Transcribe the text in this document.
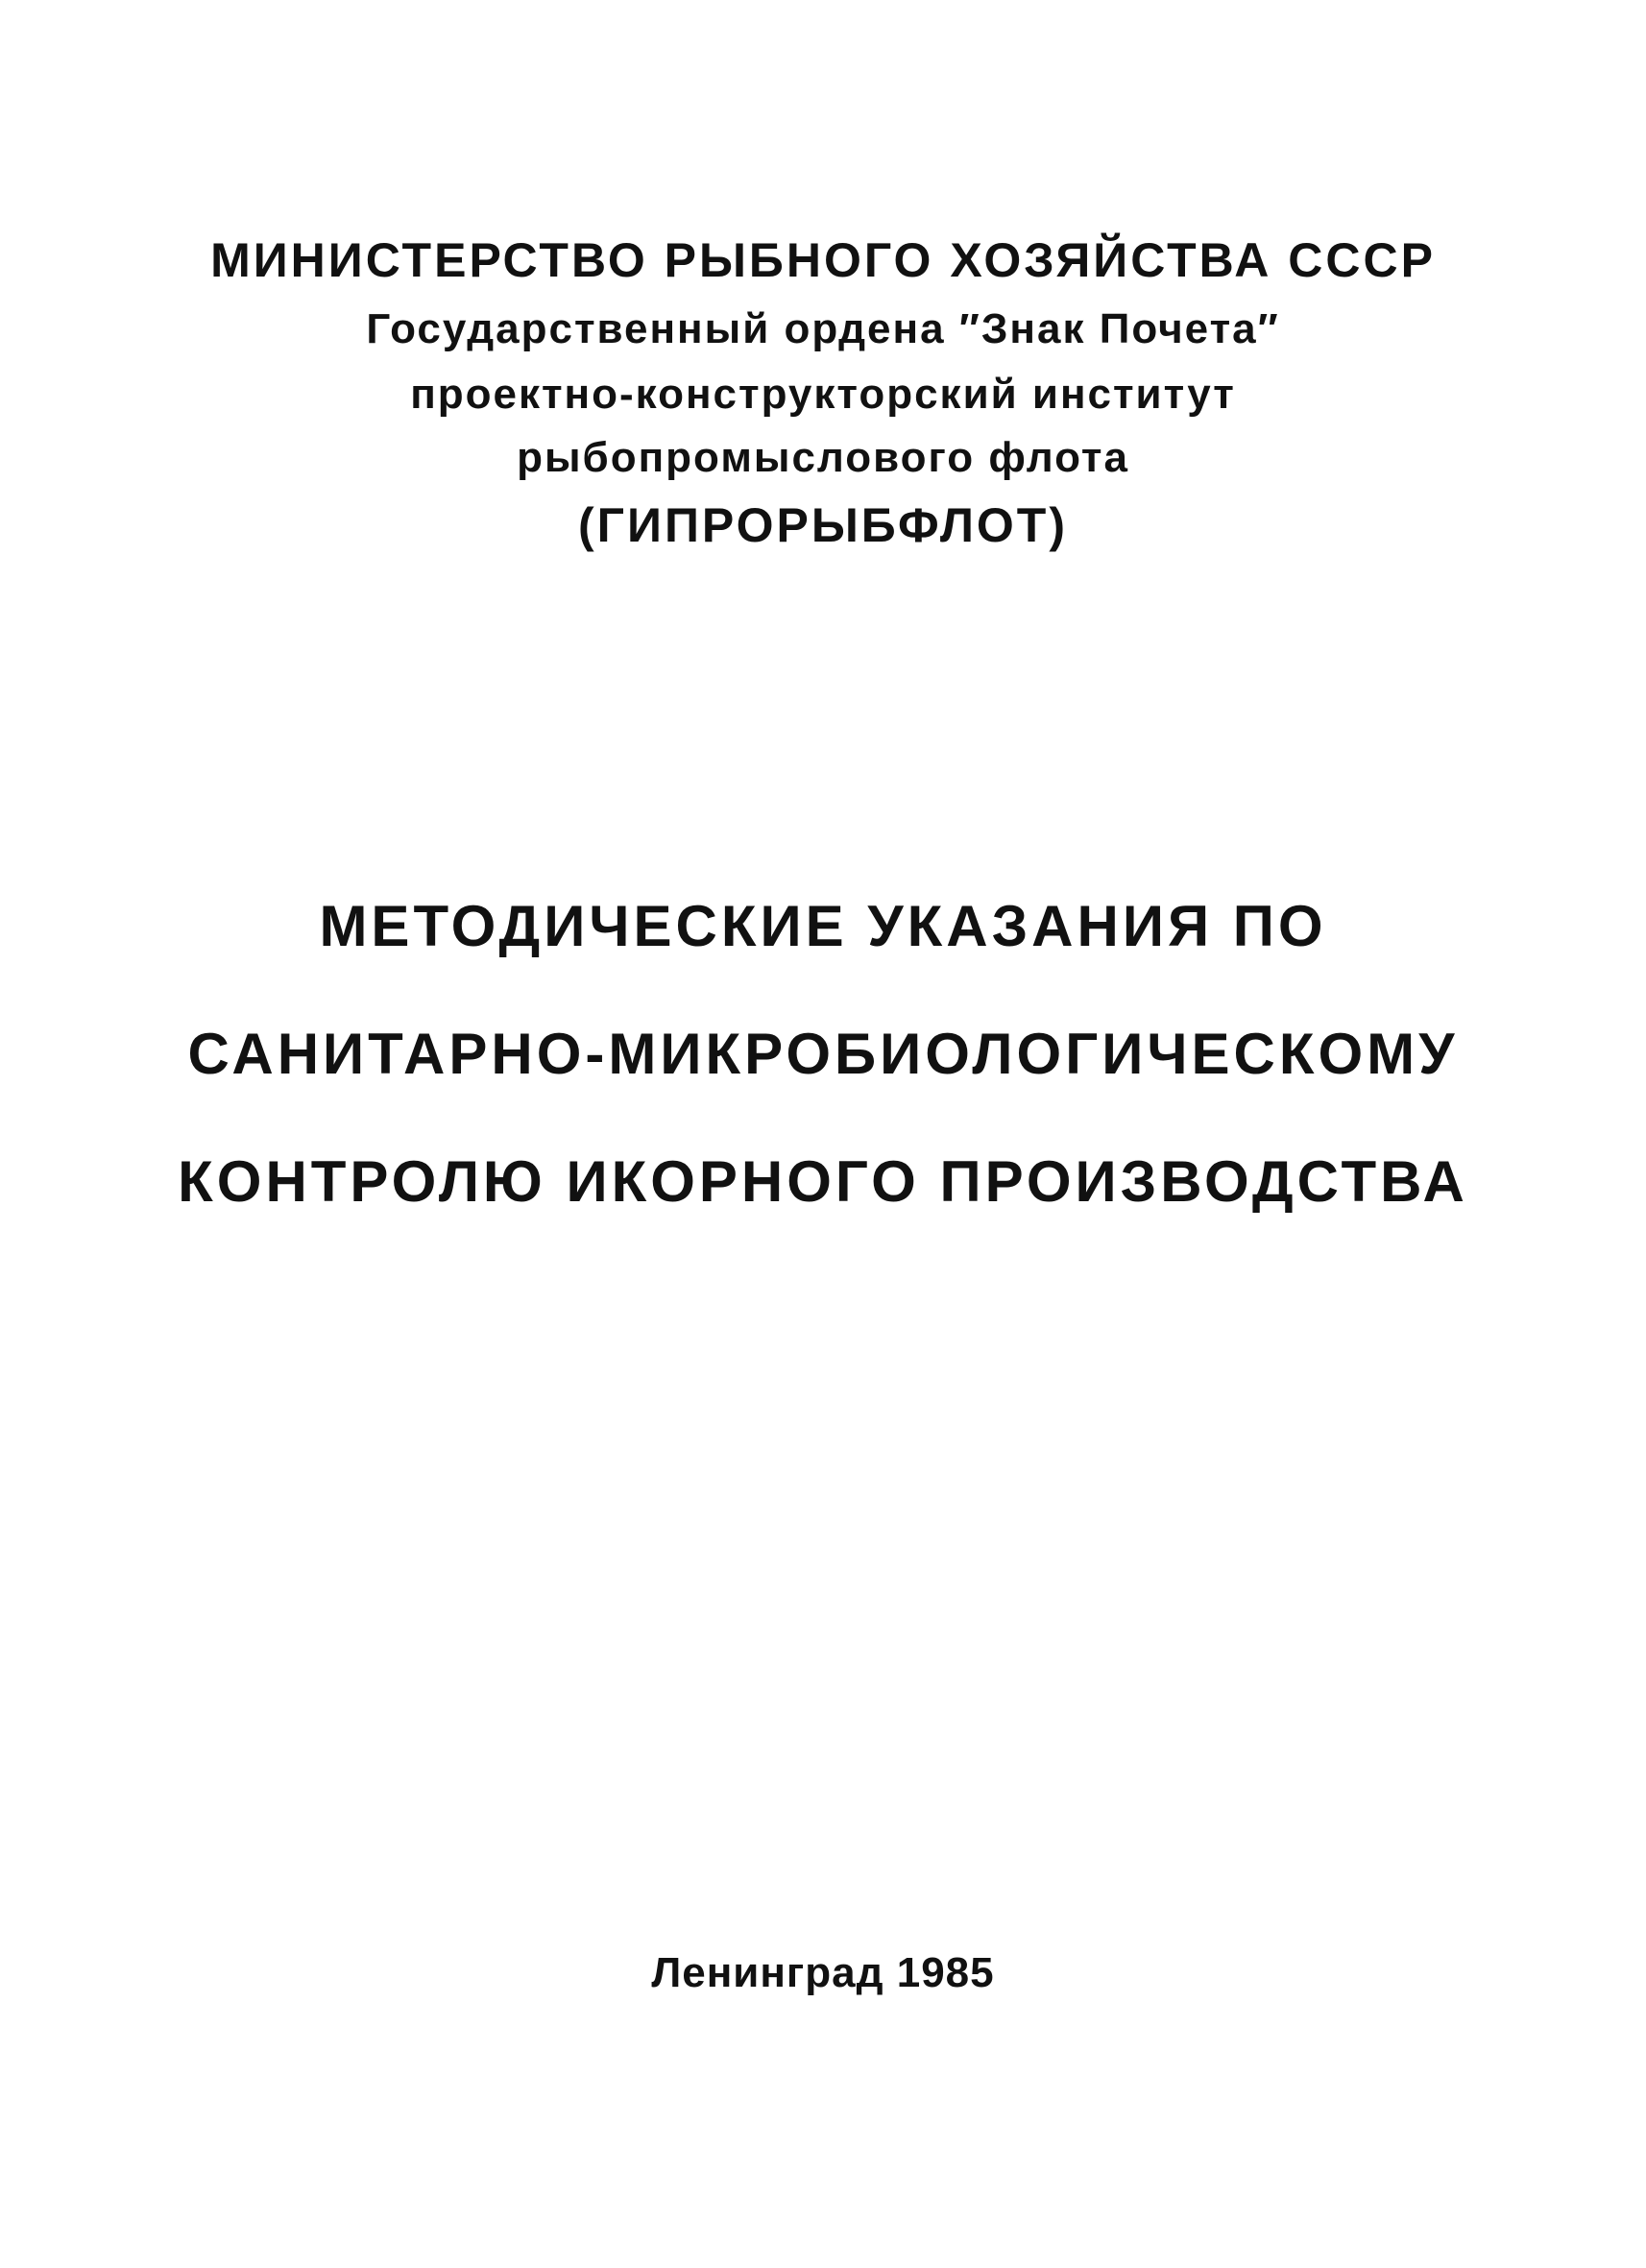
МИНИСТЕРСТВО РЫБНОГО ХОЗЯЙСТВА СССР
Государственный ордена ″Знак Почета″
проектно-конструкторский институт
рыбопромыслового флота
(ГИПРОРЫБФЛОТ)
МЕТОДИЧЕСКИЕ УКАЗАНИЯ ПО
САНИТАРНО-МИКРОБИОЛОГИЧЕСКОМУ
КОНТРОЛЮ ИКОРНОГО ПРОИЗВОДСТВА
Ленинград 1985
